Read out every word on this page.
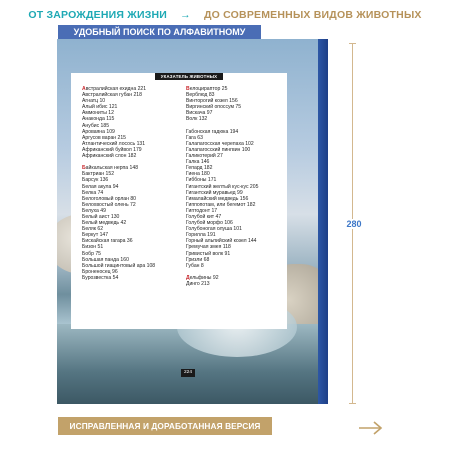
ОТ ЗАРОЖДЕНИЯ ЖИЗНИ → ДО СОВРЕМЕННЫХ ВИДОВ ЖИВОТНЫХ
УДОБНЫЙ ПОИСК ПО АЛФАВИТНОМУ
УКАЗАТЕЛЬ ЖИВОТНЫХ
Австралийская ехидна 221
Австралийская губан 218
Агнатц 10
Алый ибис 121
Аммониты 12
Анаконда 115
Анубис 185
Ароваяна 109
Аргусов варан 215
Атлантический лосось 131
Африканский буйвол 179
Африканский слон 182
Байкальская нерпа 148
Бактриан 152
Барсук 136
Белая акула 94
Белка 74
Белоголовый орлан 80
Белохвостый олень 72
Белуха 49
Белый аист 130
Белый медведь 42
Беляк 62
Беркут 147
Бискайская гагара 36
Бизон 51
Бобр 75
Большая панда 160
Большой гиацинтовый ара 108
Броненосец 96
Бурозвестка 54
Велоцираптор 25
Верблюд 83
Винторогий козел 156
Виргинский опоссум 75
Вискача 97
Волк 132
Габонская гадюка 194
Гага 63
Галапагосская черепаха 102
Галапагосский пингвин 100
Галикотерий 27
Галка 146
Гепард 182
Гиена 180
Гиббоны 171
Гигантский желтый кус-кус 205
Гигантский муравьед 99
Гималайский медведь 156
Гиппопотам, или бегемот 182
Гиптодонт 17
Голубой кит 47
Голубой морфо 106
Голубоногая олуша 101
Горилла 191
Горный альпийский козел 144
Гремучая змея 118
Гривистый волк 91
Гризли 68
Губан 8
Дельфины 92
Динго 213
224
280
ИСПРАВЛЕННАЯ И ДОРАБОТАННАЯ ВЕРСИЯ ИЗДАНИЯ
